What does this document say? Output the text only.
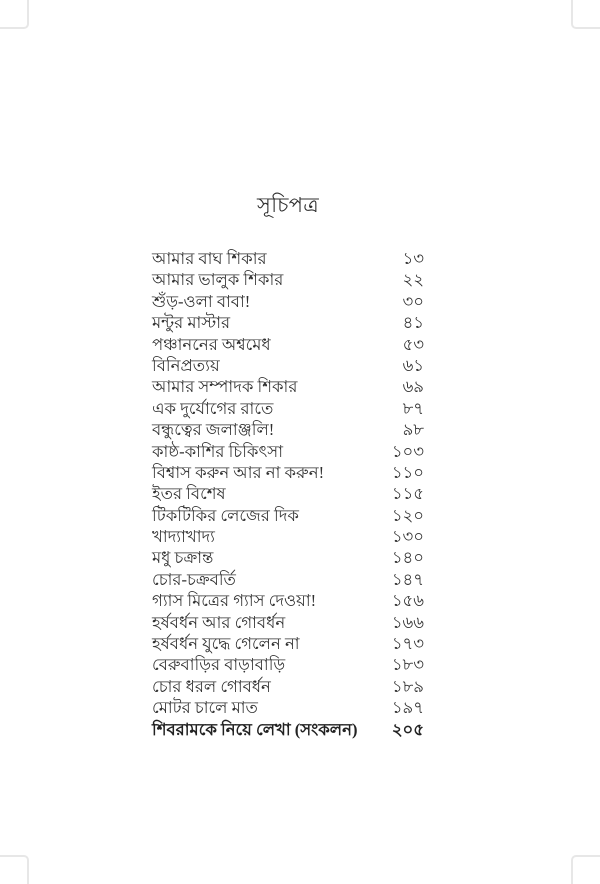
সূচিপত্র
আমার বাঘ শিকার	১৩
আমার ভালুক শিকার	২২
শুঁড়-ওলা বাবা!	৩০
মন্টুর মাস্টার	৪১
পঞ্চাননের অশ্বমেধ	৫৩
বিনিপ্রত্যয়	৬১
আমার সম্পাদক শিকার	৬৯
এক দুর্যোগের রাতে	৮৭
বন্ধুত্বের জলাঞ্জলি!	৯৮
কাষ্ঠ-কাশির চিকিৎসা	১০৩
বিশ্বাস করুন আর না করুন!	১১০
ইতর বিশেষ	১১৫
টিকটিকির লেজের দিক	১২০
খাদ্যাখাদ্য	১৩০
মধু চক্রান্ত	১৪০
চোর-চক্রবর্তি	১৪৭
গ্যাস মিত্রের গ্যাস দেওয়া!	১৫৬
হর্ষবর্ধন আর গোবর্ধন	১৬৬
হর্ষবর্ধন যুদ্ধে গেলেন না	১৭৩
বেরুবাড়ির বাড়াবাড়ি	১৮৩
চোর ধরল গোবর্ধন	১৮৯
মোটর চালে মাত	১৯৭
শিবরামকে নিয়ে লেখা (সংকলন)	২০৫
